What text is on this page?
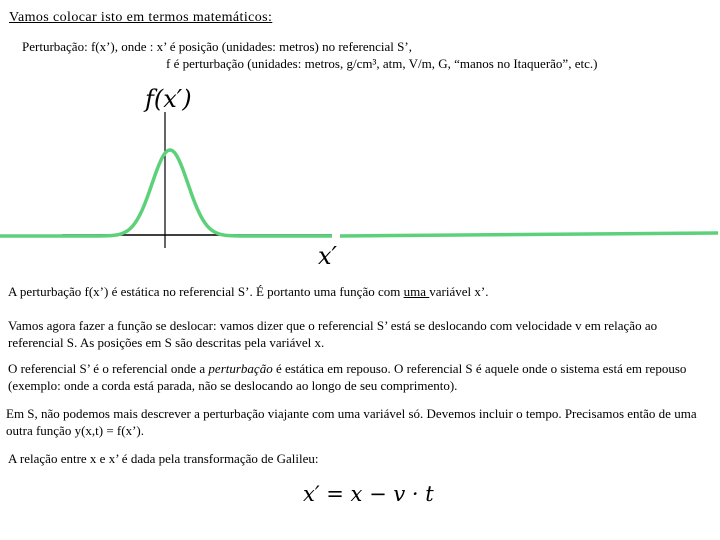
Vamos colocar isto em termos matemáticos:
Perturbação: f(x’), onde : x’ é posição (unidades: metros) no referencial S’,
f é perturbação (unidades: metros, g/cm³, atm, V/m, G, “manos no Itaquerão”, etc.)
f(x′)
x′
A perturbação f(x’) é estática no referencial S’. É portanto uma função com uma variável x’.
Vamos agora fazer a função se deslocar: vamos dizer que o referencial S’ está se deslocando com velocidade v em relação ao referencial S. As posições em S são descritas pela variável x.
O referencial S’ é o referencial onde a perturbação é estática em repouso. O referencial S é aquele onde o sistema está em repouso (exemplo: onde a corda está parada, não se deslocando ao longo de seu comprimento).
Em S, não podemos mais descrever a perturbação viajante com uma variável só. Devemos incluir o tempo. Precisamos então de uma outra função y(x,t) = f(x’).
A relação entre x e x’ é dada pela transformação de Galileu:
x′ = x − v · t
